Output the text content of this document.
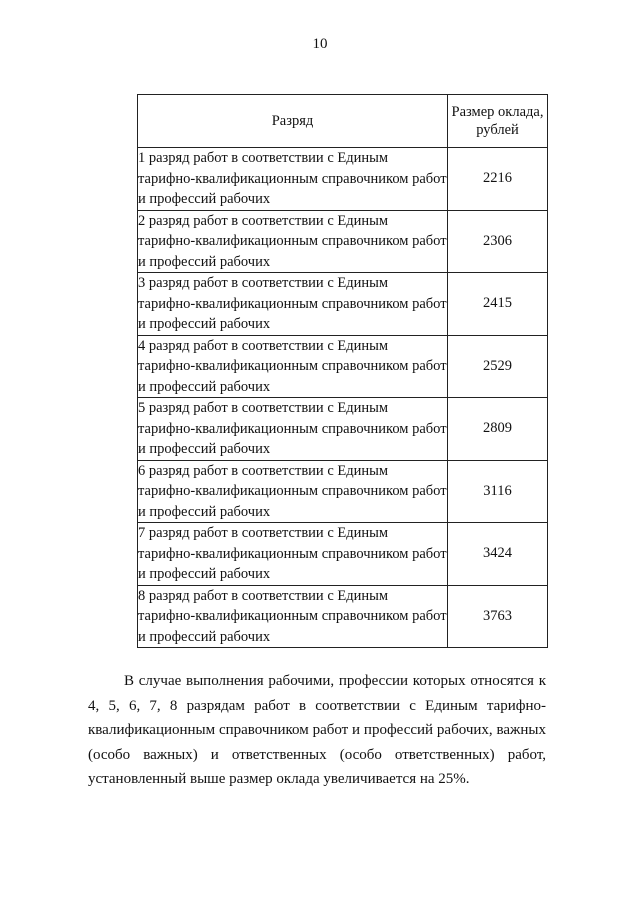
10
Разряд	Размер оклада, рублей
1 разряд работ в соответствии с Единым тарифно-квалификационным справочником работ и профессий рабочих	2216
2 разряд работ в соответствии с Единым тарифно-квалификационным справочником работ и профессий рабочих	2306
3 разряд работ в соответствии с Единым тарифно-квалификационным справочником работ и профессий рабочих	2415
4 разряд работ в соответствии с Единым тарифно-квалификационным справочником работ и профессий рабочих	2529
5 разряд работ в соответствии с Единым тарифно-квалификационным справочником работ и профессий рабочих	2809
6 разряд работ в соответствии с Единым тарифно-квалификационным справочником работ и профессий рабочих	3116
7 разряд работ в соответствии с Единым тарифно-квалификационным справочником работ и профессий рабочих	3424
8 разряд работ в соответствии с Единым тарифно-квалификационным справочником работ и профессий рабочих	3763

В случае выполнения рабочими, профессии которых относятся к 4, 5, 6, 7, 8 разрядам работ в соответствии с Единым тарифно-квалификационным справочником работ и профессий рабочих, важных (особо важных) и ответственных (особо ответственных) работ, установленный выше размер оклада увеличивается на 25%.
